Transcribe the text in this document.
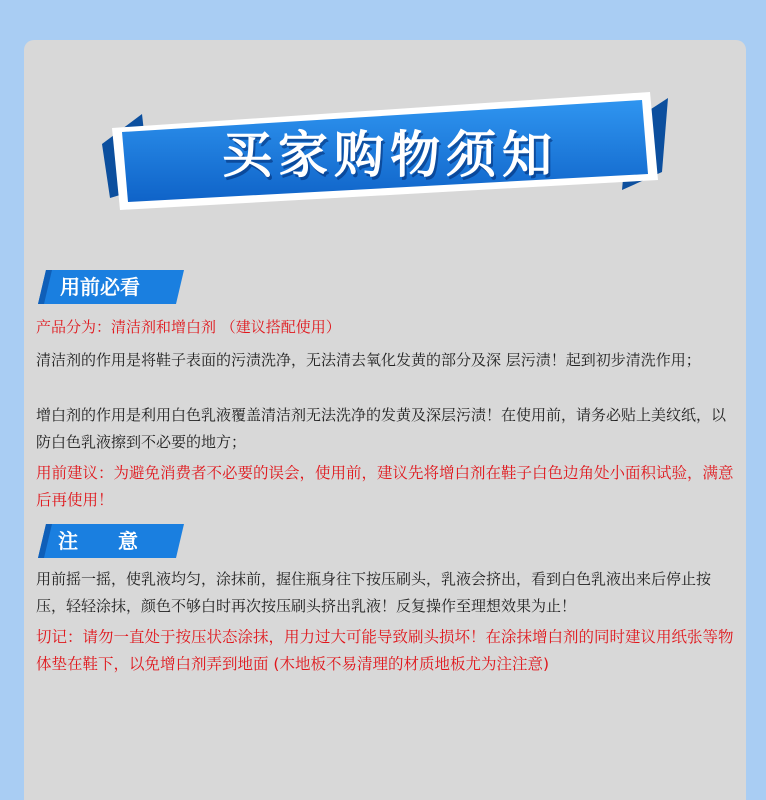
买家购物须知
用前必看
产品分为：清洁剂和增白剂 （建议搭配使用）
清洁剂的作用是将鞋子表面的污渍洗净，无法清去氧化发黄的部分及深 层污渍！起到初步清洗作用；
增白剂的作用是利用白色乳液覆盖清洁剂无法洗净的发黄及深层污渍！在使用前，请务必贴上美纹纸，以防白色乳液擦到不必要的地方；
用前建议：为避免消费者不必要的误会，使用前，建议先将增白剂在鞋子白色边角处小面积试验，满意后再使用！
注意
用前摇一摇，使乳液均匀，涂抹前，握住瓶身往下按压刷头，乳液会挤出，看到白色乳液出来后停止按压，轻轻涂抹，颜色不够白时再次按压刷头挤出乳液！反复操作至理想效果为止！
切记：请勿一直处于按压状态涂抹，用力过大可能导致刷头损坏！在涂抹增白剂的同时建议用纸张等物体垫在鞋下，以免增白剂弄到地面 (木地板不易清理的材质地板尤为注注意)
